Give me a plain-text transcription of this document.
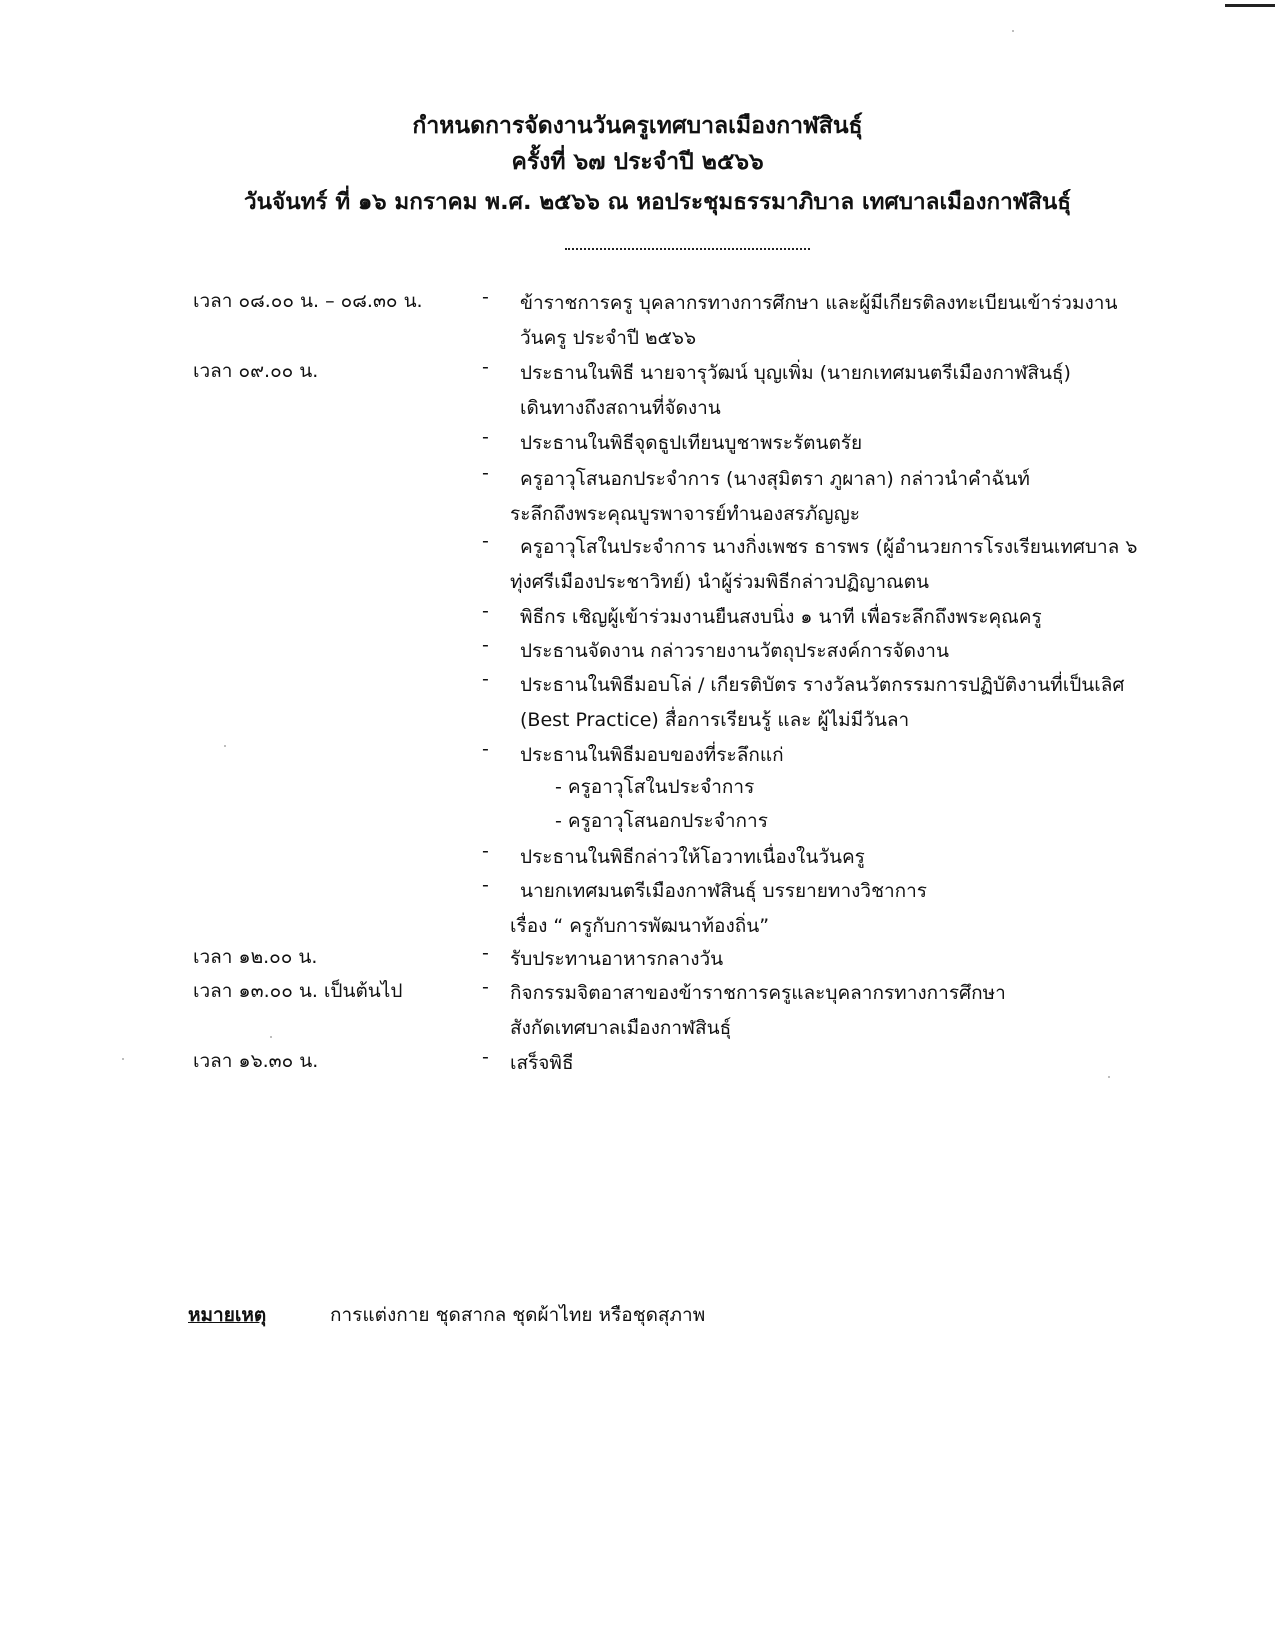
กำหนดการจัดงานวันครูเทศบาลเมืองกาฬสินธุ์
ครั้งที่ ๖๗ ประจำปี ๒๕๖๖
วันจันทร์ ที่ ๑๖ มกราคม พ.ศ. ๒๕๖๖ ณ หอประชุมธรรมาภิบาล เทศบาลเมืองกาฬสินธุ์
เวลา ๐๘.๐๐ น. – ๐๘.๓๐ น.	- ข้าราชการครู บุคลากรทางการศึกษา และผู้มีเกียรติลงทะเบียนเข้าร่วมงาน
วันครู ประจำปี ๒๕๖๖
เวลา ๐๙.๐๐ น.	- ประธานในพิธี นายจารุวัฒน์ บุญเพิ่ม (นายกเทศมนตรีเมืองกาฬสินธุ์)
เดินทางถึงสถานที่จัดงาน
- ประธานในพิธีจุดธูปเทียนบูชาพระรัตนตรัย
- ครูอาวุโสนอกประจำการ (นางสุมิตรา ภูผาลา) กล่าวนำคำฉันท์
ระลึกถึงพระคุณบูรพาจารย์ทำนองสรภัญญะ
- ครูอาวุโสในประจำการ นางกิ่งเพชร ธารพร (ผู้อำนวยการโรงเรียนเทศบาล ๖
ทุ่งศรีเมืองประชาวิทย์) นำผู้ร่วมพิธีกล่าวปฏิญาณตน
- พิธีกร เชิญผู้เข้าร่วมงานยืนสงบนิ่ง ๑ นาที เพื่อระลึกถึงพระคุณครู
- ประธานจัดงาน กล่าวรายงานวัตถุประสงค์การจัดงาน
- ประธานในพิธีมอบโล่ / เกียรติบัตร รางวัลนวัตกรรมการปฏิบัติงานที่เป็นเลิศ
(Best Practice) สื่อการเรียนรู้ และ ผู้ไม่มีวันลา
- ประธานในพิธีมอบของที่ระลึกแก่
- ครูอาวุโสในประจำการ
- ครูอาวุโสนอกประจำการ
- ประธานในพิธีกล่าวให้โอวาทเนื่องในวันครู
- นายกเทศมนตรีเมืองกาฬสินธุ์ บรรยายทางวิชาการ
เรื่อง “ ครูกับการพัฒนาท้องถิ่น”
เวลา ๑๒.๐๐ น.	- รับประทานอาหารกลางวัน
เวลา ๑๓.๐๐ น. เป็นต้นไป	- กิจกรรมจิตอาสาของข้าราชการครูและบุคลากรทางการศึกษา
สังกัดเทศบาลเมืองกาฬสินธุ์
เวลา ๑๖.๓๐ น.	- เสร็จพิธี
หมายเหตุ	การแต่งกาย ชุดสากล ชุดผ้าไทย หรือชุดสุภาพ
